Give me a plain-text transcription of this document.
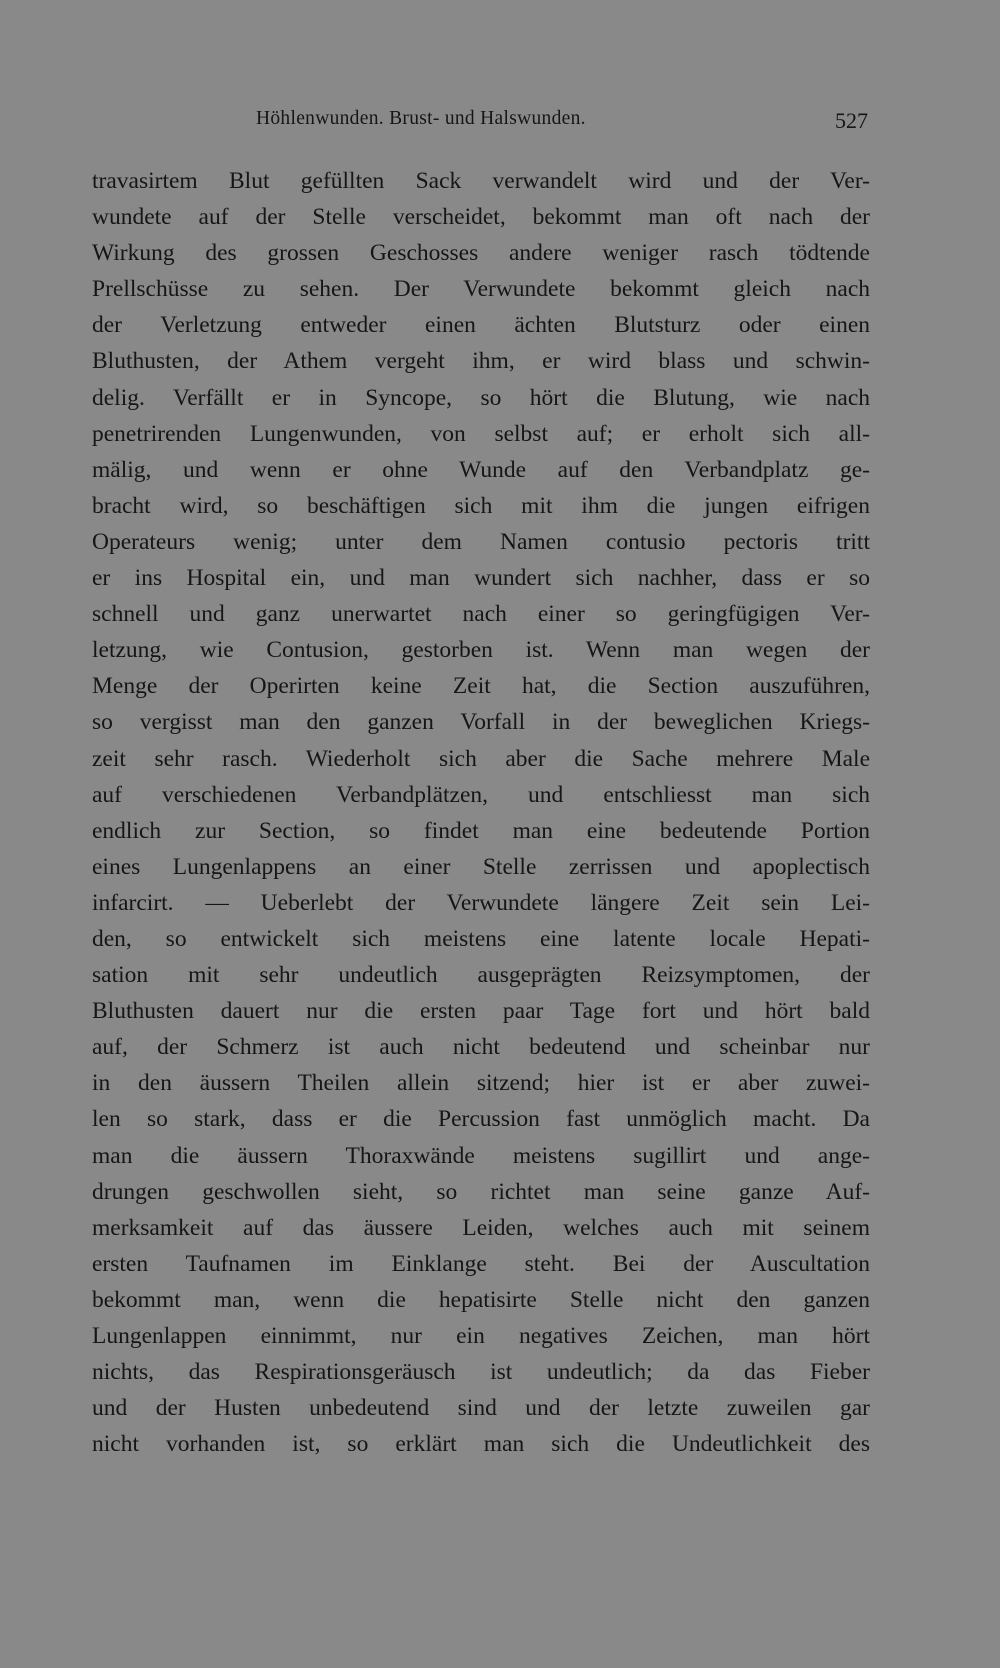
Höhlenwunden. Brust- und Halswunden.	527
travasirtem Blut gefüllten Sack verwandelt wird und der Ver-
wundete auf der Stelle verscheidet, bekommt man oft nach der
Wirkung des grossen Geschosses andere weniger rasch tödtende
Prellschüsse zu sehen. Der Verwundete bekommt gleich nach
der Verletzung entweder einen ächten Blutsturz oder einen
Bluthusten, der Athem vergeht ihm, er wird blass und schwin-
delig. Verfällt er in Syncope, so hört die Blutung, wie nach
penetrirenden Lungenwunden, von selbst auf; er erholt sich all-
mälig, und wenn er ohne Wunde auf den Verbandplatz ge-
bracht wird, so beschäftigen sich mit ihm die jungen eifrigen
Operateurs wenig; unter dem Namen contusio pectoris tritt
er ins Hospital ein, und man wundert sich nachher, dass er so
schnell und ganz unerwartet nach einer so geringfügigen Ver-
letzung, wie Contusion, gestorben ist. Wenn man wegen der
Menge der Operirten keine Zeit hat, die Section auszuführen,
so vergisst man den ganzen Vorfall in der beweglichen Kriegs-
zeit sehr rasch. Wiederholt sich aber die Sache mehrere Male
auf verschiedenen Verbandplätzen, und entschliesst man sich
endlich zur Section, so findet man eine bedeutende Portion
eines Lungenlappens an einer Stelle zerrissen und apoplectisch
infarcirt. — Ueberlebt der Verwundete längere Zeit sein Lei-
den, so entwickelt sich meistens eine latente locale Hepati-
sation mit sehr undeutlich ausgeprägten Reizsymptomen, der
Bluthusten dauert nur die ersten paar Tage fort und hört bald
auf, der Schmerz ist auch nicht bedeutend und scheinbar nur
in den äussern Theilen allein sitzend; hier ist er aber zuwei-
len so stark, dass er die Percussion fast unmöglich macht. Da
man die äussern Thoraxwände meistens sugillirt und ange-
drungen geschwollen sieht, so richtet man seine ganze Auf-
merksamkeit auf das äussere Leiden, welches auch mit seinem
ersten Taufnamen im Einklange steht. Bei der Auscultation
bekommt man, wenn die hepatisirte Stelle nicht den ganzen
Lungenlappen einnimmt, nur ein negatives Zeichen, man hört
nichts, das Respirationsgeräusch ist undeutlich; da das Fieber
und der Husten unbedeutend sind und der letzte zuweilen gar
nicht vorhanden ist, so erklärt man sich die Undeutlichkeit des
